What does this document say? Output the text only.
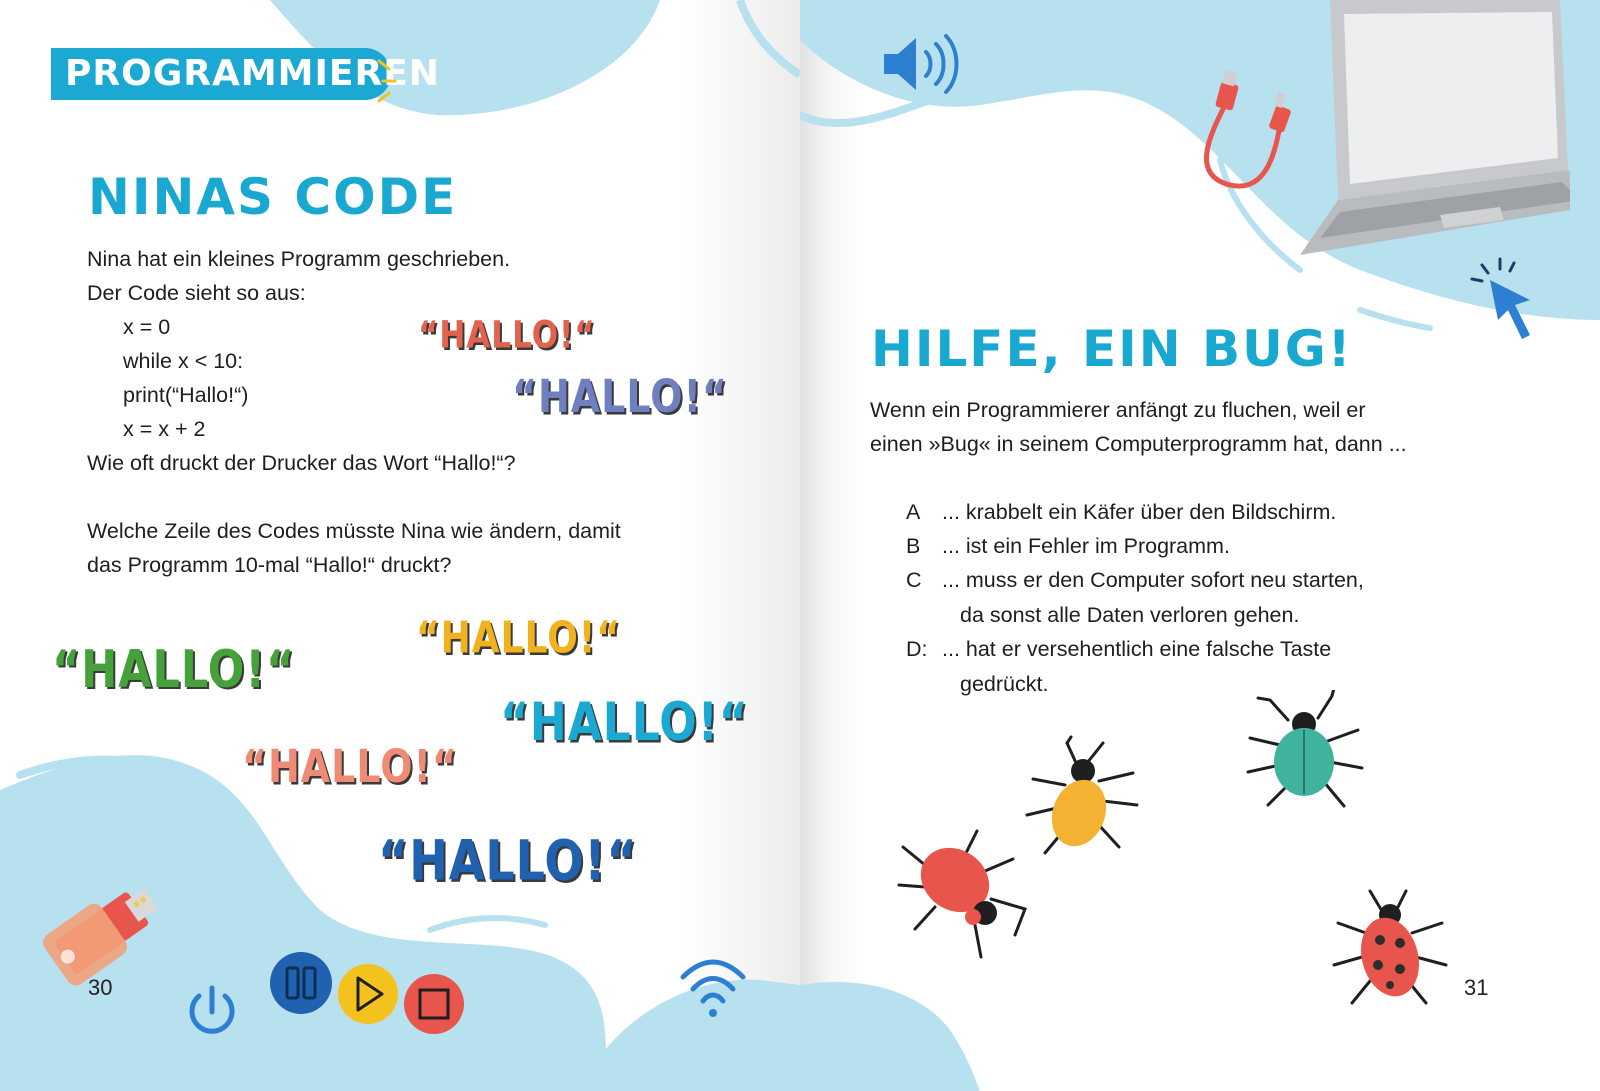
PROGRAMMIEREN
NINAS CODE

Nina hat ein kleines Programm geschrieben.

Der Code sieht so aus:

x = 0

while x < 10:

print(“Hallo!“)

x = x + 2

Wie oft druckt der Drucker das Wort “Hallo!“?

Welche Zeile des Codes müsste Nina wie ändern, damit

das Programm 10-mal “Hallo!“ druckt?

“HALLO!“
“HALLO!“
“HALLO!“
“HALLO!“
“HALLO!“
“HALLO!“
“HALLO!“
30
HILFE, EIN BUG!

Wenn ein Programmierer anfängt zu fluchen, weil er

einen »Bug« in seinem Computerprogramm hat, dann ...

A	... krabbelt ein Käfer über den Bildschirm.
B	... ist ein Fehler im Programm.
C ... muss er den Computer sofort neu starten,
da sonst alle Daten verloren gehen.
D: ... hat er versehentlich eine falsche Taste
gedrückt.
31
